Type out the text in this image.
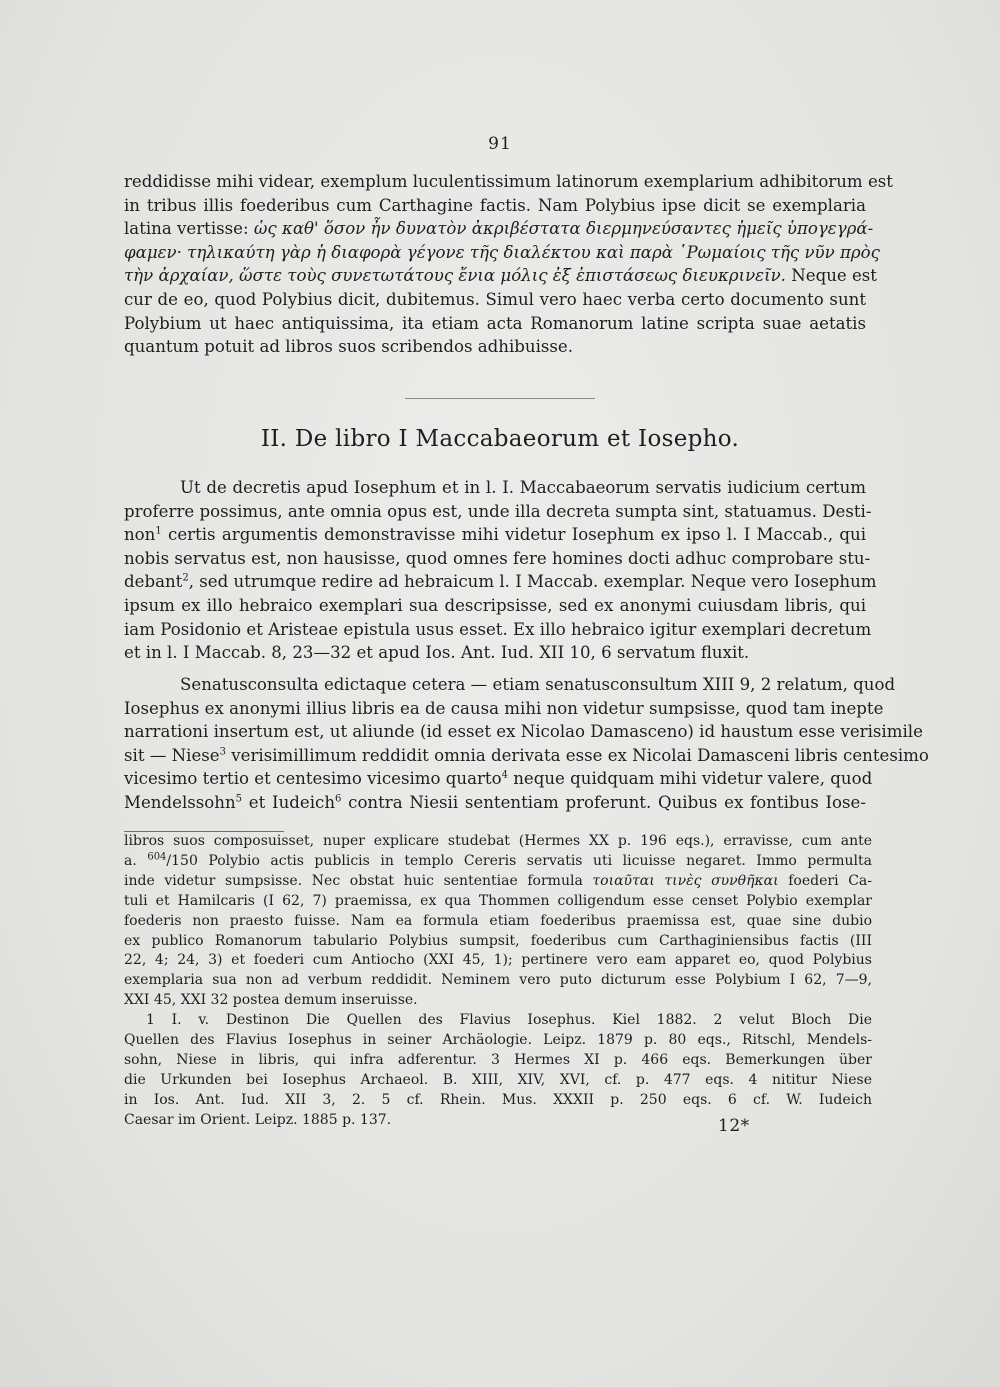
91
reddidisse mihi videar, exemplum luculentissimum latinorum exemplarium adhibitorum est
in tribus illis foederibus cum Carthagine factis. Nam Polybius ipse dicit se exemplaria
latina vertisse: ὡς καθ' ὅσον ἦν δυνατὸν ἀκριβέστατα διερμηνεύσαντες ἡμεῖς ὑπογεγρά-
φαμεν· τηλικαύτη γὰρ ἡ διαφορὰ γέγονε τῆς διαλέκτου καὶ παρὰ ῾Ρωμαίοις τῆς νῦν πρὸς
τὴν ἀρχαίαν, ὥστε τοὺς συνετωτάτους ἔνια μόλις ἐξ ἐπιστάσεως διευκρινεῖν. Neque est
cur de eo, quod Polybius dicit, dubitemus. Simul vero haec verba certo documento sunt
Polybium ut haec antiquissima, ita etiam acta Romanorum latine scripta suae aetatis
quantum potuit ad libros suos scribendos adhibuisse.
II. De libro I Maccabaeorum et Iosepho.
Ut de decretis apud Iosephum et in l. I. Maccabaeorum servatis iudicium certum
proferre possimus, ante omnia opus est, unde illa decreta sumpta sint, statuamus. Desti-
non$^1$ certis argumentis demonstravisse mihi videtur Iosephum ex ipso l. I Maccab., qui
nobis servatus est, non hausisse, quod omnes fere homines docti adhuc comprobare stu-
debant$^2$, sed utrumque redire ad hebraicum l. I Maccab. exemplar. Neque vero Iosephum
ipsum ex illo hebraico exemplari sua descripsisse, sed ex anonymi cuiusdam libris, qui
iam Posidonio et Aristeae epistula usus esset. Ex illo hebraico igitur exemplari decretum
et in l. I Maccab. 8, 23—32 et apud Ios. Ant. Iud. XII 10, 6 servatum fluxit.
Senatusconsulta edictaque cetera — etiam senatusconsultum XIII 9, 2 relatum, quod
Iosephus ex anonymi illius libris ea de causa mihi non videtur sumpsisse, quod tam inepte
narrationi insertum est, ut aliunde (id esset ex Nicolao Damasceno) id haustum esse verisimile
sit — Niese$^3$ verisimillimum reddidit omnia derivata esse ex Nicolai Damasceni libris centesimo
vicesimo tertio et centesimo vicesimo quarto$^4$ neque quidquam mihi videtur valere, quod
Mendelssohn$^5$ et Iudeich$^6$ contra Niesii sententiam proferunt. Quibus ex fontibus Iose-
libros suos composuisset, nuper explicare studebat (Hermes XX p. 196 eqs.), erravisse, cum ante
a. $^{604}$/150 Polybio actis publicis in templo Cereris servatis uti licuisse negaret. Immo permulta
inde videtur sumpsisse. Nec obstat huic sententiae formula τοιαῦται τινὲς συνθῆκαι foederi Ca-
tuli et Hamilcaris (I 62, 7) praemissa, ex qua Thommen colligendum esse censet Polybio exemplar
foederis non praesto fuisse. Nam ea formula etiam foederibus praemissa est, quae sine dubio
ex publico Romanorum tabulario Polybius sumpsit, foederibus cum Carthaginiensibus factis (III
22, 4; 24, 3) et foederi cum Antiocho (XXI 45, 1); pertinere vero eam apparet eo, quod Polybius
exemplaria sua non ad verbum reddidit. Neminem vero puto dicturum esse Polybium I 62, 7—9,
XXI 45, XXI 32 postea demum inseruisse.
1 I. v. Destinon Die Quellen des Flavius Iosephus. Kiel 1882. 2 velut Bloch Die
Quellen des Flavius Iosephus in seiner Archäologie. Leipz. 1879 p. 80 eqs., Ritschl, Mendels-
sohn, Niese in libris, qui infra adferentur. 3 Hermes XI p. 466 eqs. Bemerkungen über
die Urkunden bei Iosephus Archaeol. B. XIII, XIV, XVI, cf. p. 477 eqs. 4 nititur Niese
in Ios. Ant. Iud. XII 3, 2. 5 cf. Rhein. Mus. XXXII p. 250 eqs. 6 cf. W. Iudeich
Caesar im Orient. Leipz. 1885 p. 137.	12*
